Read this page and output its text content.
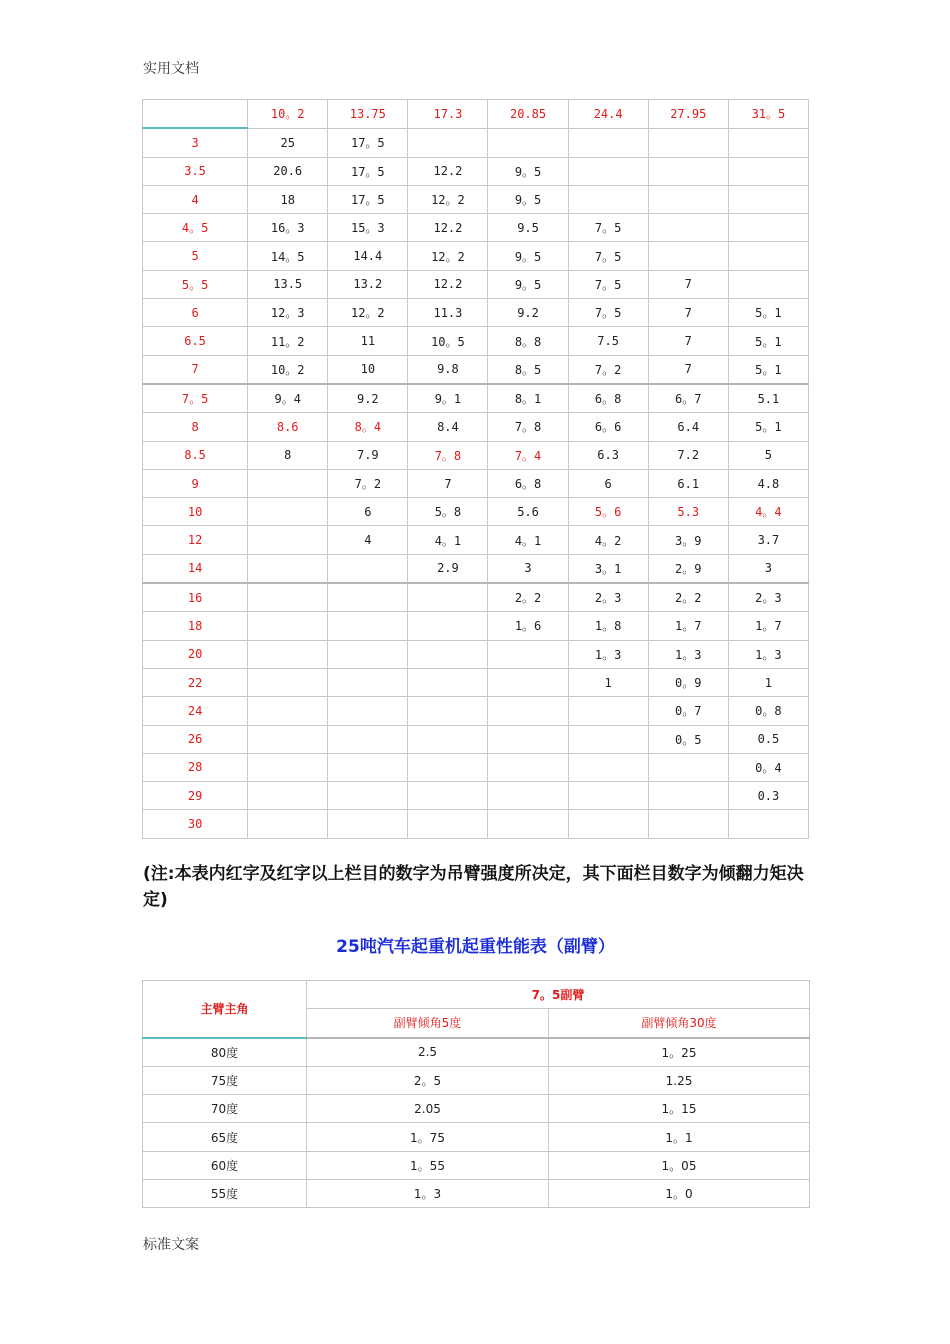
实用文档
	10。2	13.75	17.3	20.85	24.4	27.95	31。5
3	25	17。5					
3.5	20.6	17。5	12.2	9。5			
4	18	17。5	12。2	9。5			
4。5	16。3	15。3	12.2	9.5	7。5		
5	14。5	14.4	12。2	9。5	7。5		
5。5	13.5	13.2	12.2	9。5	7。5	7	
6	12。3	12。2	11.3	9.2	7。5	7	5。1
6.5	11。2	11	10。5	8。8	7.5	7	5。1
7	10。2	10	9.8	8。5	7。2	7	5。1
7。5	9。4	9.2	9。1	8。1	6。8	6。7	5.1
8	8.6	8。4	8.4	7。8	6。6	6.4	5。1
8.5	8	7.9	7。8	7。4	6.3	7.2	5
9		7。2	7	6。8	6	6.1	4.8
10		6	5。8	5.6	5。6	5.3	4。4
12		4	4。1	4。1	4。2	3。9	3.7
14			2.9	3	3。1	2。9	3
16				2。2	2。3	2。2	2。3
18				1。6	1。8	1。7	1。7
20					1。3	1。3	1。3
22					1	0。9	1
24						0。7	0。8
26						0。5	0.5
28							0。4
29							0.3
30							
(注:本表内红字及红字以上栏目的数字为吊臂强度所决定，其下面栏目数字为倾翻力矩决定)
25吨汽车起重机起重性能表（副臂）
主臂主角	7。5副臂	
	副臂倾角5度	副臂倾角30度
80度	2.5	1。25
75度	2。5	1.25
70度	2.05	1。15
65度	1。75	1。1
60度	1。55	1。05
55度	1。3	1。0
标准文案
